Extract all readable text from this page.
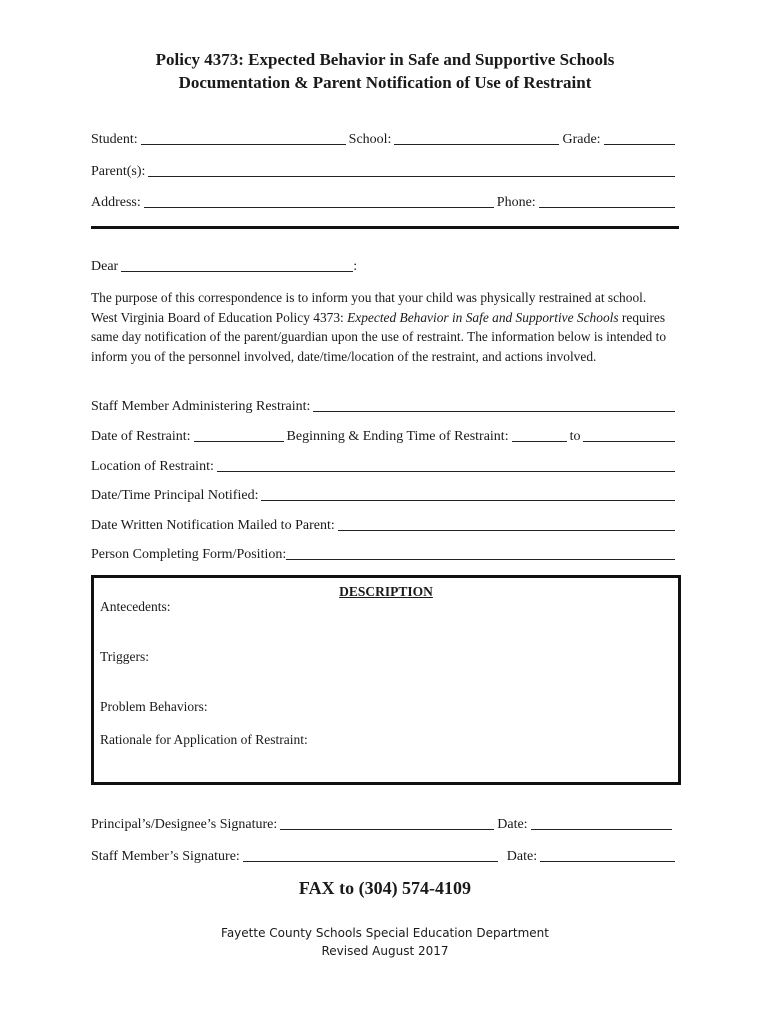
Policy 4373: Expected Behavior in Safe and Supportive Schools
Documentation & Parent Notification of Use of Restraint
Student:	School:	Grade:
Parent(s):
Address:	Phone:
Dear	:
The purpose of this correspondence is to inform you that your child was physically restrained at school. West Virginia Board of Education Policy 4373: Expected Behavior in Safe and Supportive Schools requires same day notification of the parent/guardian upon the use of restraint. The information below is intended to inform you of the personnel involved, date/time/location of the restraint, and actions involved.
Staff Member Administering Restraint:
Date of Restraint:	Beginning & Ending Time of Restraint:	to
Location of Restraint:
Date/Time Principal Notified:
Date Written Notification Mailed to Parent:
Person Completing Form/Position:
DESCRIPTION
Antecedents:
Triggers:
Problem Behaviors:
Rationale for Application of Restraint:
Principal’s/Designee’s Signature:	Date:
Staff Member’s Signature:	Date:
FAX to (304) 574-4109
Fayette County Schools Special Education Department
Revised August 2017
